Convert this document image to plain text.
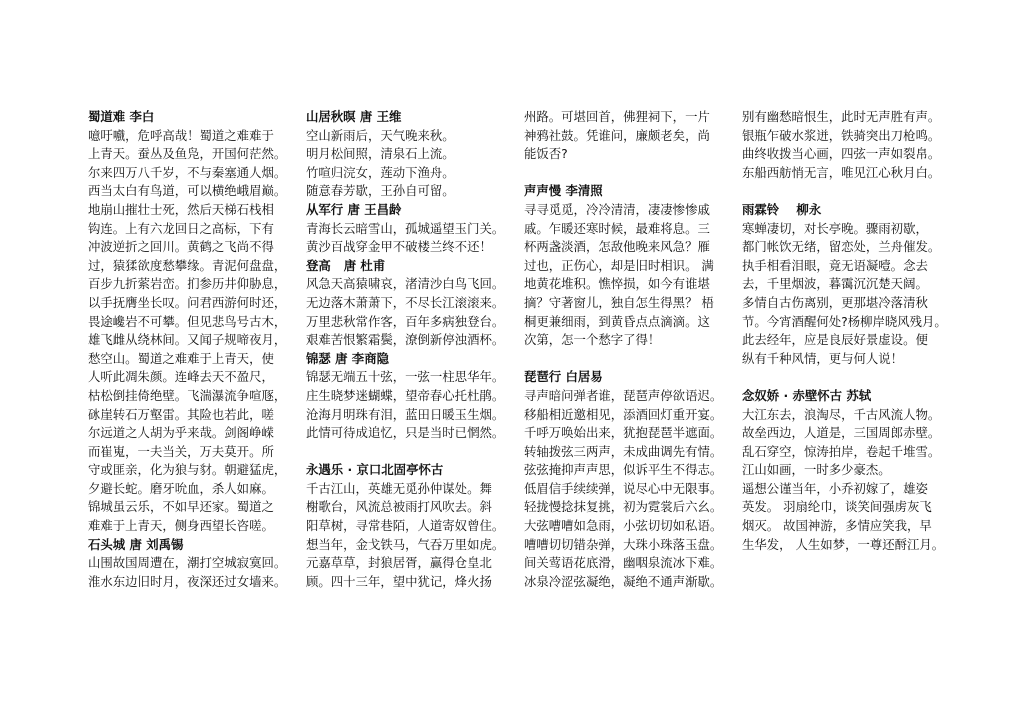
蜀道难 李白
噫吁嚱，危呼高哉！蜀道之难难于
上青天。蚕丛及鱼凫，开国何茫然。
尔来四万八千岁，不与秦塞通人烟。
西当太白有鸟道，可以横绝峨眉巅。
地崩山摧壮士死，然后天梯石栈相
钩连。上有六龙回日之高标，下有
冲波逆折之回川。黄鹤之飞尚不得
过，猿猱欲度愁攀缘。青泥何盘盘，
百步九折萦岩峦。扪参历井仰胁息，
以手抚膺坐长叹。问君西游何时还，
畏途巉岩不可攀。但见悲鸟号古木，
雄飞雌从绕林间。又闻子规啼夜月，
愁空山。蜀道之难难于上青天，使
人听此凋朱颜。连峰去天不盈尺，
枯松倒挂倚绝壁。飞湍瀑流争喧豗，
砯崖转石万壑雷。其险也若此，嗟
尔远道之人胡为乎来哉。剑阁峥嵘
而崔嵬，一夫当关，万夫莫开。所
守或匪亲，化为狼与豺。朝避猛虎，
夕避长蛇。磨牙吮血，杀人如麻。
锦城虽云乐，不如早还家。蜀道之
难难于上青天，侧身西望长咨嗟。
石头城 唐 刘禹锡
山围故国周遭在，潮打空城寂寞回。
淮水东边旧时月，夜深还过女墙来。
山居秋暝 唐 王维
空山新雨后，天气晚来秋。
明月松间照，清泉石上流。
竹喧归浣女，莲动下渔舟。
随意春芳歇，王孙自可留。
从军行 唐 王昌龄
青海长云暗雪山，孤城遥望玉门关。
黄沙百战穿金甲不破楼兰终不还！
登高   唐 杜甫
风急天高猿啸哀，渚清沙白鸟飞回。
无边落木萧萧下，不尽长江滚滚来。
万里悲秋常作客，百年多病独登台。
艰难苦恨繁霜鬓，潦倒新停浊酒杯。
锦瑟 唐 李商隐
锦瑟无端五十弦，一弦一柱思华年。
庄生晓梦迷蝴蝶，望帝春心托杜鹃。
沧海月明珠有泪，蓝田日暖玉生烟。
此情可待成追忆，只是当时已惘然。
永遇乐 · 京口北固亭怀古
千古江山，英雄无觅孙仲谋处。舞
榭歌台，风流总被雨打风吹去。斜
阳草树，寻常巷陌，人道寄奴曾住。
想当年，金戈铁马，气吞万里如虎。
元嘉草草，封狼居胥，赢得仓皇北
顾。四十三年，望中犹记，烽火扬
州路。可堪回首，佛狸祠下，一片
神鸦社鼓。凭谁问，廉颇老矣，尚
能饭否?
声声慢 李清照
寻寻觅觅，冷冷清清，凄凄惨惨戚
戚。乍暖还寒时候，最难将息。三
杯两盏淡酒，怎敌他晚来风急？雁
过也，正伤心，却是旧时相识。 满
地黄花堆积。憔悴损，如今有谁堪
摘？守著窗儿，独自怎生得黑？ 梧
桐更兼细雨，到黄昏点点滴滴。这
次第，怎一个愁字了得！
琵琶行 白居易
寻声暗问弹者谁，琵琶声停欲语迟。
移船相近邀相见，添酒回灯重开宴。
千呼万唤始出来，犹抱琵琶半遮面。
转轴拨弦三两声，未成曲调先有情。
弦弦掩抑声声思，似诉平生不得志。
低眉信手续续弹，说尽心中无限事。
轻拢慢捻抹复挑，初为霓裳后六幺。
大弦嘈嘈如急雨，小弦切切如私语。
嘈嘈切切错杂弹，大珠小珠落玉盘。
间关莺语花底滑，幽咽泉流冰下难。
冰泉冷涩弦凝绝，凝绝不通声渐歇。
别有幽愁暗恨生，此时无声胜有声。
银瓶乍破水浆迸，铁骑突出刀枪鸣。
曲终收拨当心画，四弦一声如裂帛。
东船西舫悄无言，唯见江心秋月白。
雨霖铃    柳永
寒蝉凄切，对长亭晚。骤雨初歇，
都门帐饮无绪，留恋处，兰舟催发。
执手相看泪眼，竟无语凝噎。念去
去，千里烟波，暮霭沉沉楚天阔。
多情自古伤离别，更那堪冷落清秋
节。今宵酒醒何处?杨柳岸晓风残月。
此去经年，应是良辰好景虚设。便
纵有千种风情，更与何人说！
念奴娇 · 赤壁怀古 苏轼
大江东去，浪淘尽，千古风流人物。
故垒西边，人道是，三国周郎赤壁。
乱石穿空，惊涛拍岸，卷起千堆雪。
江山如画，一时多少豪杰。
遥想公谨当年，小乔初嫁了，雄姿
英发。 羽扇纶巾，谈笑间强虏灰飞
烟灭。 故国神游，多情应笑我，早
生华发， 人生如梦，一尊还酹江月。
